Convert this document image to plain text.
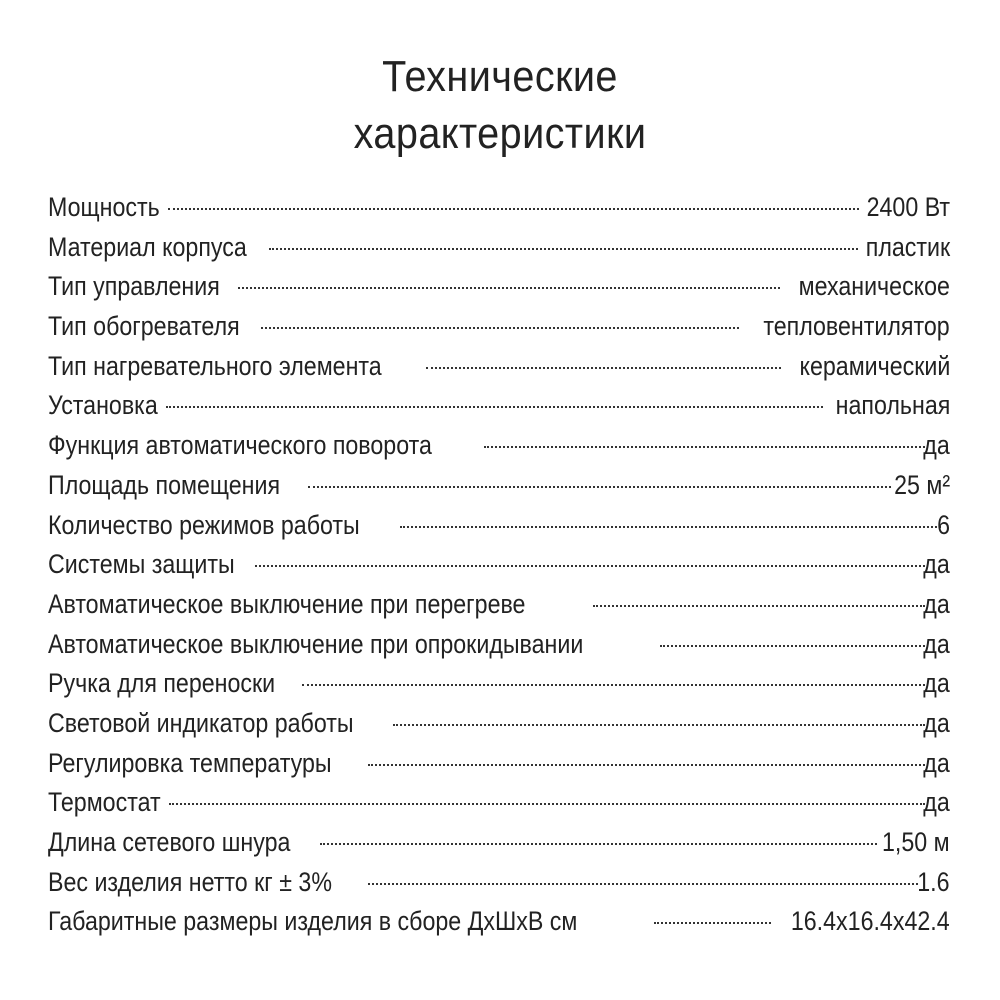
Технические
характеристики
Мощность	2400 Вт
Материал корпуса	пластик
Тип управления	механическое
Тип обогревателя	тепловентилятор
Тип нагревательного элемента	керамический
Установка	напольная
Функция автоматического поворота	да
Площадь помещения	25 м²
Количество режимов работы	6
Системы защиты	да
Автоматическое выключение при перегреве	да
Автоматическое выключение при опрокидывании	да
Ручка для переноски	да
Световой индикатор работы	да
Регулировка температуры	да
Термостат	да
Длина сетевого шнура	1,50 м
Вес изделия нетто кг ± 3%	1.6
Габаритные размеры изделия в сборе ДхШхВ см	16.4х16.4х42.4
